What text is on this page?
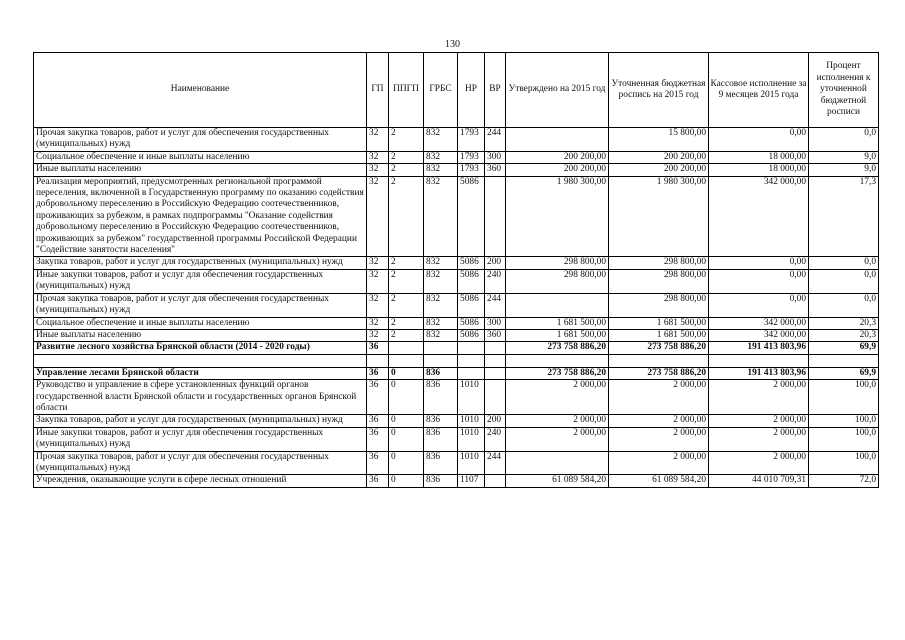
130
Наименование	ГП	ППГП	ГРБС	НР	ВР	Утверждено на 2015 год	Уточненная бюджетная роспись на 2015 год	Кассовое исполнение за 9 месяцев 2015 года	Процент исполнения к уточненной бюджетной росписи
Прочая закупка товаров, работ и услуг для обеспечения государственных (муниципальных) нужд	32	2	832	1793	244		15 800,00	0,00	0,0
Социальное обеспечение и иные выплаты населению	32	2	832	1793	300	200 200,00	200 200,00	18 000,00	9,0
Иные выплаты населению	32	2	832	1793	360	200 200,00	200 200,00	18 000,00	9,0
Реализация мероприятий, предусмотренных региональной программой переселения, включенной в Государственную программу по оказанию содействия добровольному переселению в Российскую Федерацию соотечественников, проживающих за рубежом, в рамках подпрограммы "Оказание содействия добровольному переселению в Российскую Федерацию соотечественников, проживающих за рубежом" государственной программы Российской Федерации "Содействие занятости населения"	32	2	832	5086		1 980 300,00	1 980 300,00	342 000,00	17,3
Закупка товаров, работ и услуг для государственных (муниципальных) нужд	32	2	832	5086	200	298 800,00	298 800,00	0,00	0,0
Иные закупки товаров, работ и услуг для обеспечения государственных (муниципальных) нужд	32	2	832	5086	240	298 800,00	298 800,00	0,00	0,0
Прочая закупка товаров, работ и услуг для обеспечения государственных (муниципальных) нужд	32	2	832	5086	244		298 800,00	0,00	0,0
Социальное обеспечение и иные выплаты населению	32	2	832	5086	300	1 681 500,00	1 681 500,00	342 000,00	20,3
Иные выплаты населению	32	2	832	5086	360	1 681 500,00	1 681 500,00	342 000,00	20,3
Развитие лесного хозяйства Брянской области (2014 - 2020 годы)	36					273 758 886,20	273 758 886,20	191 413 803,96	69,9

Управление лесами Брянской области	36	0	836			273 758 886,20	273 758 886,20	191 413 803,96	69,9
Руководство и управление в сфере установленных функций органов государственной власти Брянской области и государственных органов Брянской области	36	0	836	1010		2 000,00	2 000,00	2 000,00	100,0
Закупка товаров, работ и услуг для государственных (муниципальных) нужд	36	0	836	1010	200	2 000,00	2 000,00	2 000,00	100,0
Иные закупки товаров, работ и услуг для обеспечения государственных (муниципальных) нужд	36	0	836	1010	240	2 000,00	2 000,00	2 000,00	100,0
Прочая закупка товаров, работ и услуг для обеспечения государственных (муниципальных) нужд	36	0	836	1010	244		2 000,00	2 000,00	100,0
Учреждения, оказывающие услуги в сфере лесных отношений	36	0	836	1107		61 089 584,20	61 089 584,20	44 010 709,31	72,0
